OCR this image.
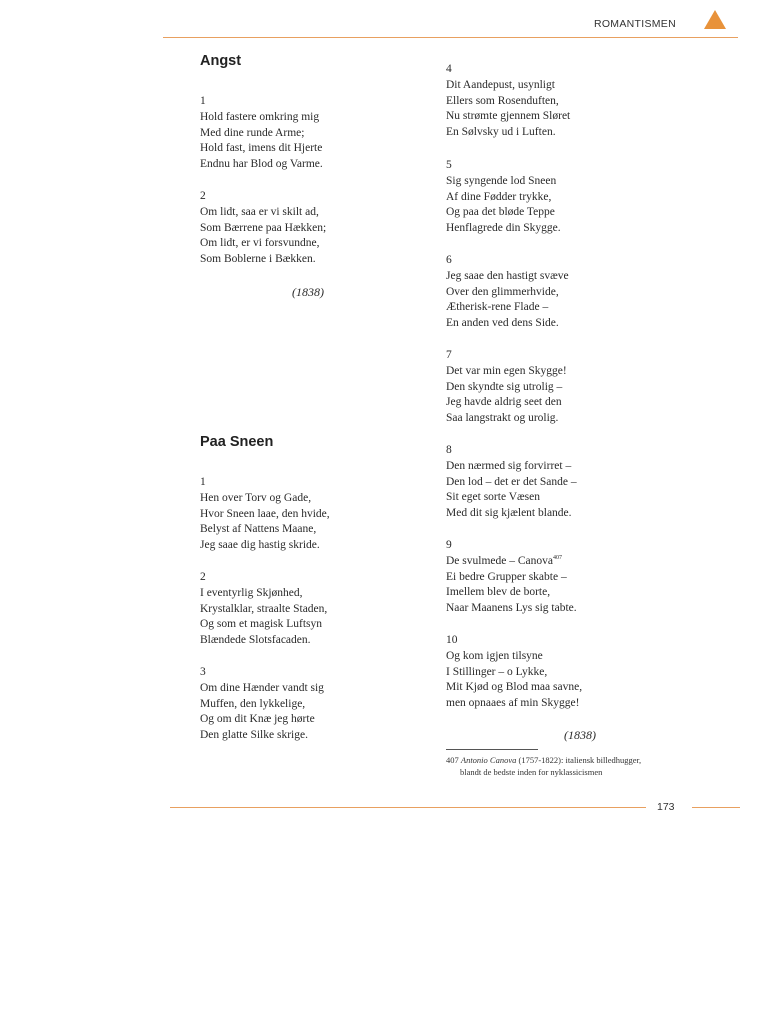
ROMANTISMEN
Angst
1
Hold fastere omkring mig
Med dine runde Arme;
Hold fast, imens dit Hjerte
Endnu har Blod og Varme.
2
Om lidt, saa er vi skilt ad,
Som Bærrene paa Hækken;
Om lidt, er vi forsvundne,
Som Boblerne i Bækken.
(1838)
Paa Sneen
1
Hen over Torv og Gade,
Hvor Sneen laae, den hvide,
Belyst af Nattens Maane,
Jeg saae dig hastig skride.
2
I eventyrlig Skjønhed,
Krystalklar, straalte Staden,
Og som et magisk Luftsyn
Blændede Slotsfacaden.
3
Om dine Hænder vandt sig
Muffen, den lykkelige,
Og om dit Knæ jeg hørte
Den glatte Silke skrige.
4
Dit Aandepust, usynligt
Ellers som Rosenduften,
Nu strømte gjennem Sløret
En Sølvsky ud i Luften.
5
Sig syngende lod Sneen
Af dine Fødder trykke,
Og paa det bløde Teppe
Henflagrede din Skygge.
6
Jeg saae den hastigt svæve
Over den glimmerhvide,
Ætherisk-rene Flade –
En anden ved dens Side.
7
Det var min egen Skygge!
Den skyndte sig utrolig –
Jeg havde aldrig seet den
Saa langstrakt og urolig.
8
Den nærmed sig forvirret –
Den lod – det er det Sande –
Sit eget sorte Væsen
Med dit sig kjælent blande.
9
De svulmede – Canova$^{407}$
Ei bedre Grupper skabte –
Imellem blev de borte,
Naar Maanens Lys sig tabte.
10
Og kom igjen tilsyne
I Stillinger – o Lykke,
Mit Kjød og Blod maa savne,
men opnaaes af min Skygge!
(1838)
407 Antonio Canova (1757-1822): italiensk billedhugger,
blandt de bedste inden for nyklassicismen
173
